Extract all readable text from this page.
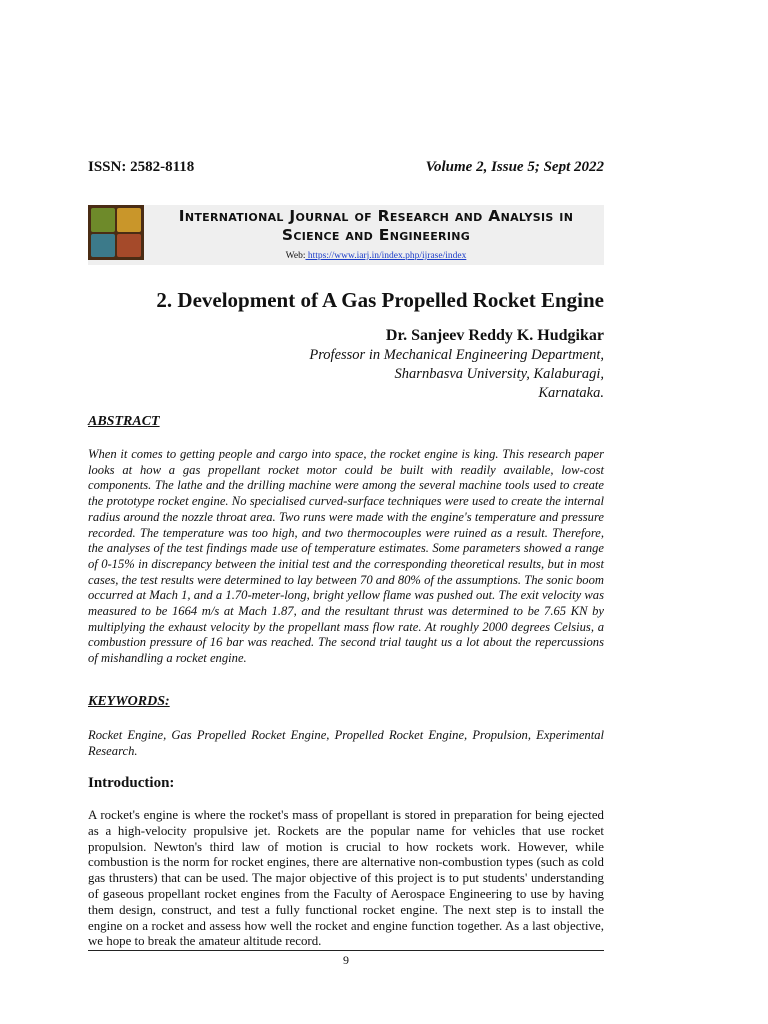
ISSN: 2582-8118	Volume 2, Issue 5; Sept 2022
International Journal of Research and Analysis in Science and Engineering
Web: https://www.iarj.in/index.php/ijrase/index
2. Development of A Gas Propelled Rocket Engine
Dr. Sanjeev Reddy K. Hudgikar
Professor in Mechanical Engineering Department,
Sharnbasva University, Kalaburagi,
Karnataka.
ABSTRACT
When it comes to getting people and cargo into space, the rocket engine is king. This research paper looks at how a gas propellant rocket motor could be built with readily available, low-cost components. The lathe and the drilling machine were among the several machine tools used to create the prototype rocket engine. No specialised curved-surface techniques were used to create the internal radius around the nozzle throat area. Two runs were made with the engine's temperature and pressure recorded. The temperature was too high, and two thermocouples were ruined as a result. Therefore, the analyses of the test findings made use of temperature estimates. Some parameters showed a range of 0-15% in discrepancy between the initial test and the corresponding theoretical results, but in most cases, the test results were determined to lay between 70 and 80% of the assumptions. The sonic boom occurred at Mach 1, and a 1.70-meter-long, bright yellow flame was pushed out. The exit velocity was measured to be 1664 m/s at Mach 1.87, and the resultant thrust was determined to be 7.65 KN by multiplying the exhaust velocity by the propellant mass flow rate. At roughly 2000 degrees Celsius, a combustion pressure of 16 bar was reached. The second trial taught us a lot about the repercussions of mishandling a rocket engine.
KEYWORDS:
Rocket Engine, Gas Propelled Rocket Engine, Propelled Rocket Engine, Propulsion, Experimental Research.
Introduction:
A rocket's engine is where the rocket's mass of propellant is stored in preparation for being ejected as a high-velocity propulsive jet. Rockets are the popular name for vehicles that use rocket propulsion. Newton's third law of motion is crucial to how rockets work. However, while combustion is the norm for rocket engines, there are alternative non-combustion types (such as cold gas thrusters) that can be used. The major objective of this project is to put students' understanding of gaseous propellant rocket engines from the Faculty of Aerospace Engineering to use by having them design, construct, and test a fully functional rocket engine. The next step is to install the engine on a rocket and assess how well the rocket and engine function together. As a last objective, we hope to break the amateur altitude record.
9
